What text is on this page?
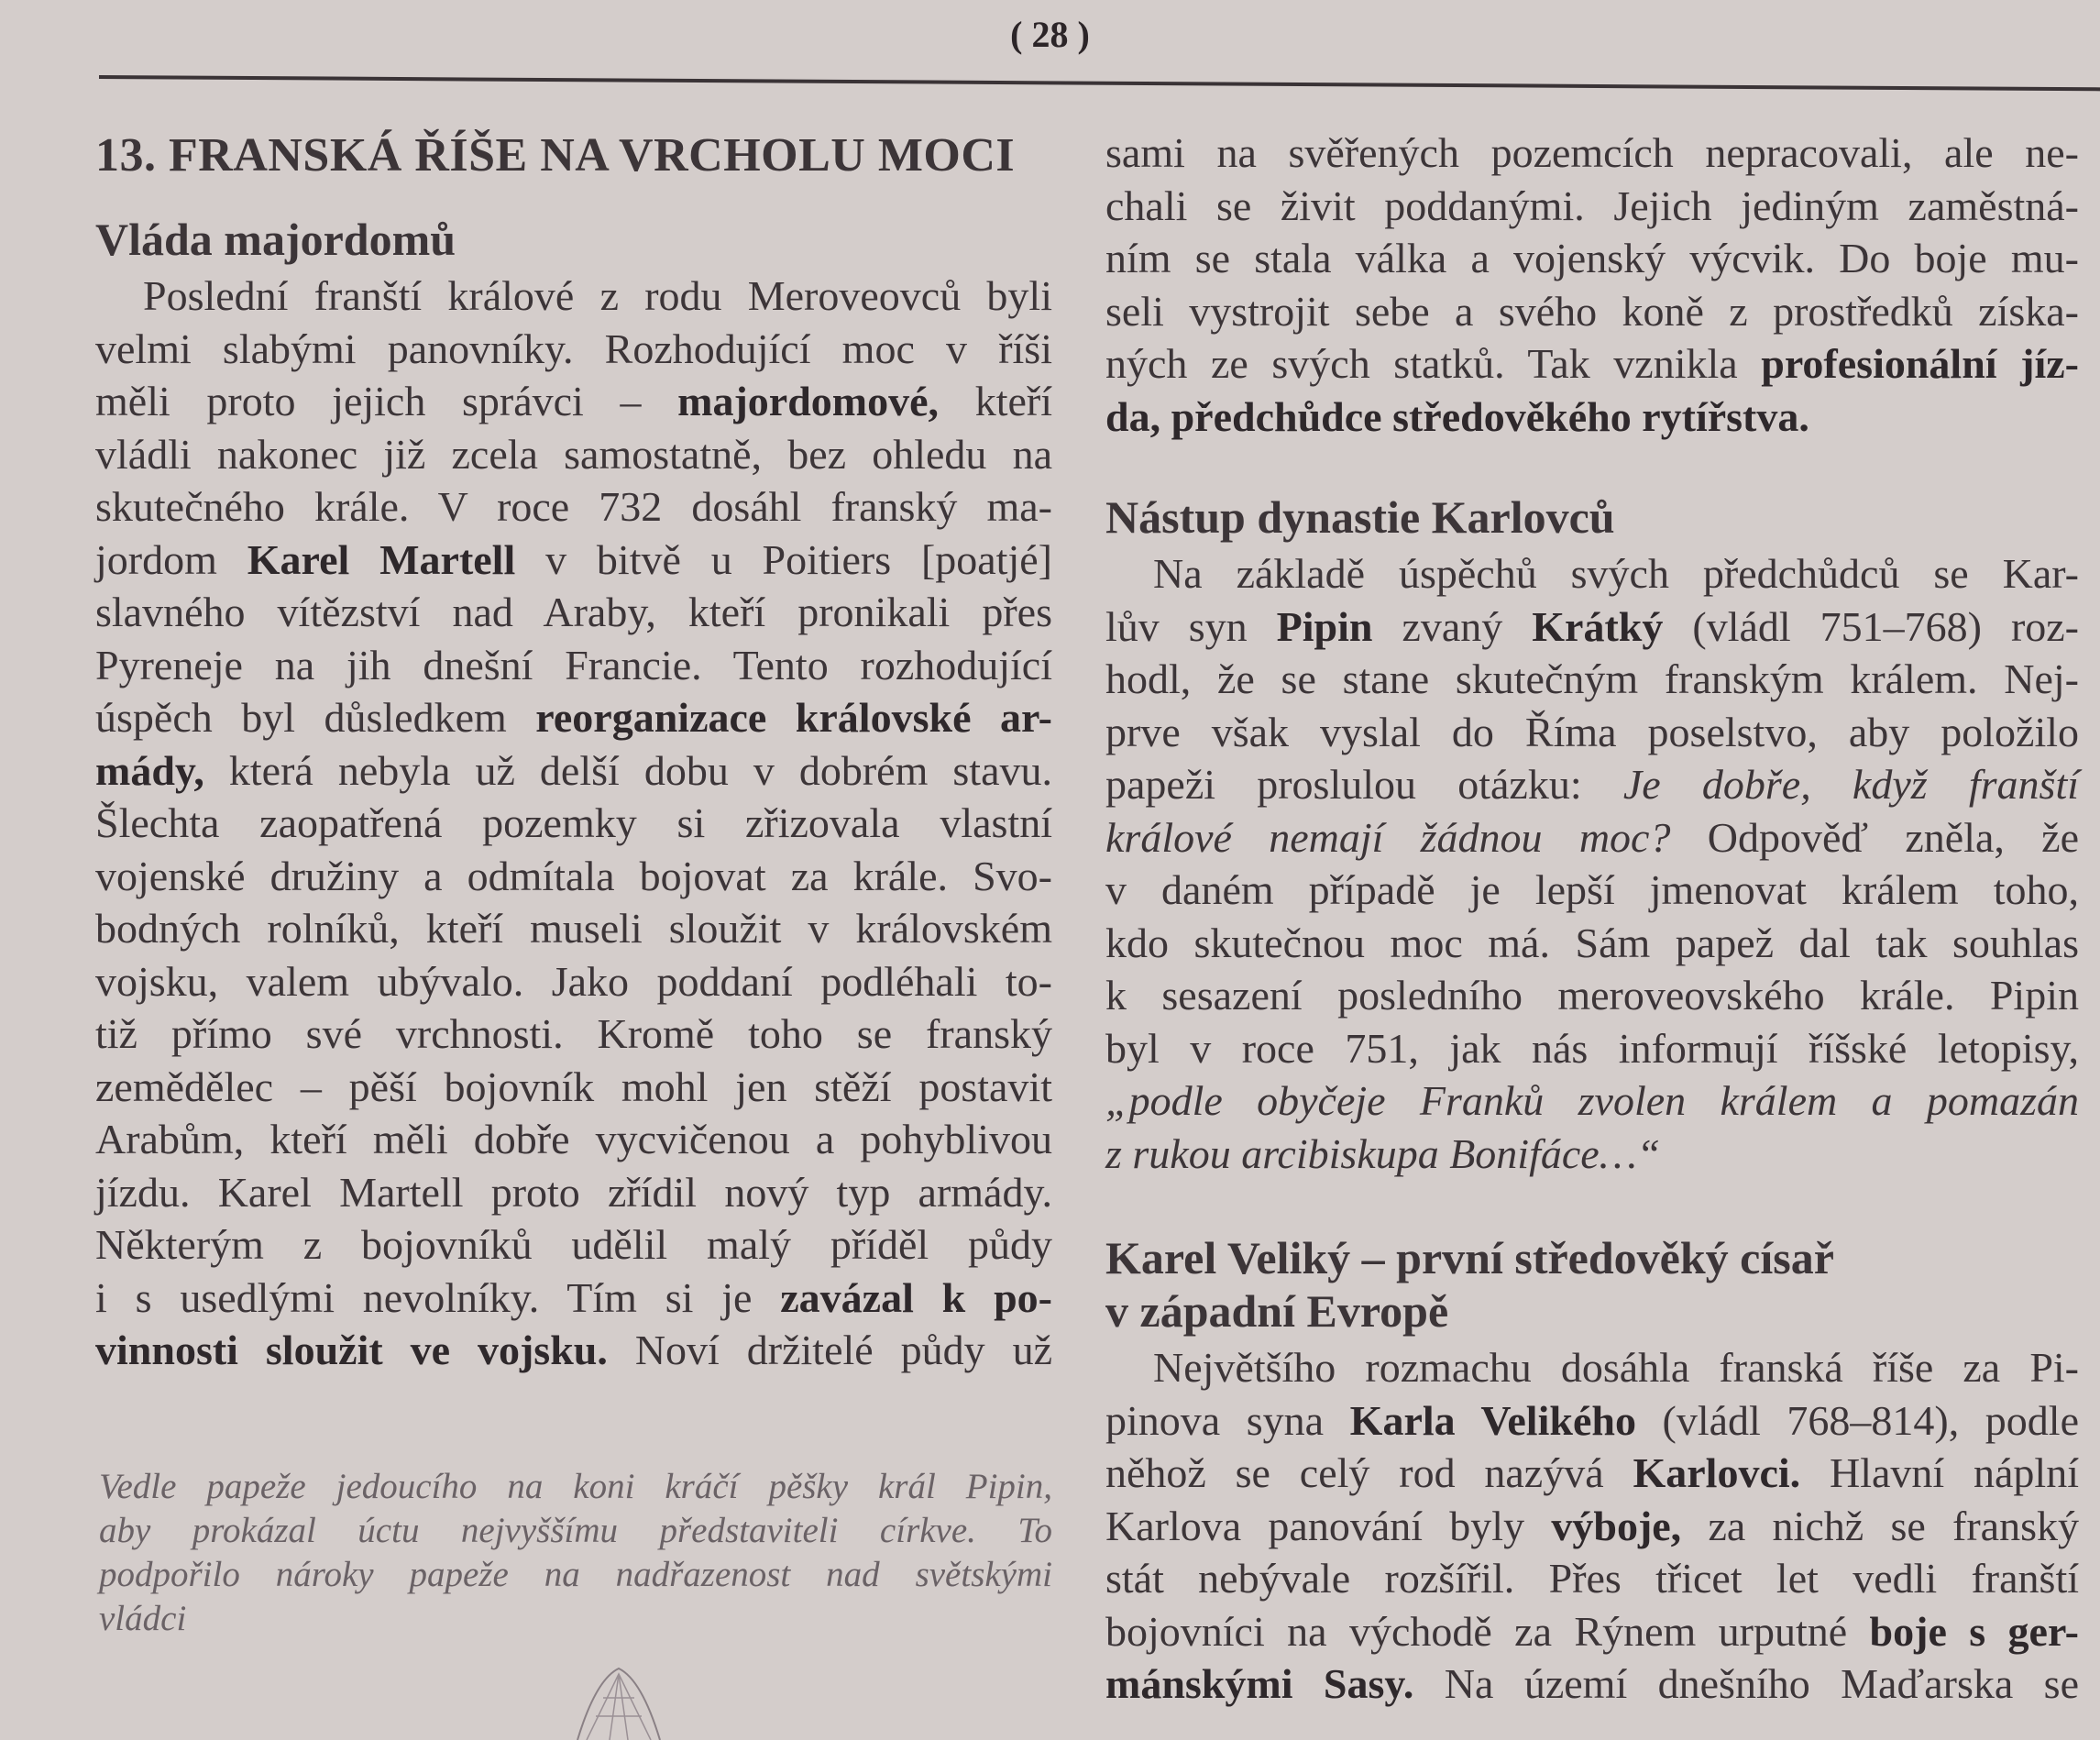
( 28 )
13. FRANSKÁ ŘÍŠE NA VRCHOLU MOCI
Vláda majordomů
Poslední franští králové z rodu Meroveovců byli
velmi slabými panovníky. Rozhodující moc v říši
měli proto jejich správci – majordomové, kteří
vládli nakonec již zcela samostatně, bez ohledu na
skutečného krále. V roce 732 dosáhl franský ma-
jordom Karel Martell v bitvě u Poitiers [poatjé]
slavného vítězství nad Araby, kteří pronikali přes
Pyreneje na jih dnešní Francie. Tento rozhodující
úspěch byl důsledkem reorganizace královské ar-
mády, která nebyla už delší dobu v dobrém stavu.
Šlechta zaopatřená pozemky si zřizovala vlastní
vojenské družiny a odmítala bojovat za krále. Svo-
bodných rolníků, kteří museli sloužit v královském
vojsku, valem ubývalo. Jako poddaní podléhali to-
tiž přímo své vrchnosti. Kromě toho se franský
zemědělec – pěší bojovník mohl jen stěží postavit
Arabům, kteří měli dobře vycvičenou a pohyblivou
jízdu. Karel Martell proto zřídil nový typ armády.
Některým z bojovníků udělil malý příděl půdy
i s usedlými nevolníky. Tím si je zavázal k po-
vinnosti sloužit ve vojsku. Noví držitelé půdy už
Vedle papeže jedoucího na koni kráčí pěšky král Pipin,
aby prokázal úctu nejvyššímu představiteli církve. To
podpořilo nároky papeže na nadřazenost nad světskými
vládci
sami na svěřených pozemcích nepracovali, ale ne-
chali se živit poddanými. Jejich jediným zaměstná-
ním se stala válka a vojenský výcvik. Do boje mu-
seli vystrojit sebe a svého koně z prostředků získa-
ných ze svých statků. Tak vznikla profesionální jíz-
da, předchůdce středověkého rytířstva.
Nástup dynastie Karlovců
Na základě úspěchů svých předchůdců se Kar-
lův syn Pipin zvaný Krátký (vládl 751–768) roz-
hodl, že se stane skutečným franským králem. Nej-
prve však vyslal do Říma poselstvo, aby položilo
papeži proslulou otázku: Je dobře, když franští
králové nemají žádnou moc? Odpověď zněla, že
v daném případě je lepší jmenovat králem toho,
kdo skutečnou moc má. Sám papež dal tak souhlas
k sesazení posledního meroveovského krále. Pipin
byl v roce 751, jak nás informují říšské letopisy,
„podle obyčeje Franků zvolen králem a pomazán
z rukou arcibiskupa Bonifáce…“
Karel Veliký – první středověký císař
v západní Evropě
Největšího rozmachu dosáhla franská říše za Pi-
pinova syna Karla Velikého (vládl 768–814), podle
něhož se celý rod nazývá Karlovci. Hlavní náplní
Karlova panování byly výboje, za nichž se franský
stát nebývale rozšířil. Přes třicet let vedli franští
bojovníci na východě za Rýnem urputné boje s ger-
mánskými Sasy. Na území dnešního Maďarska se
